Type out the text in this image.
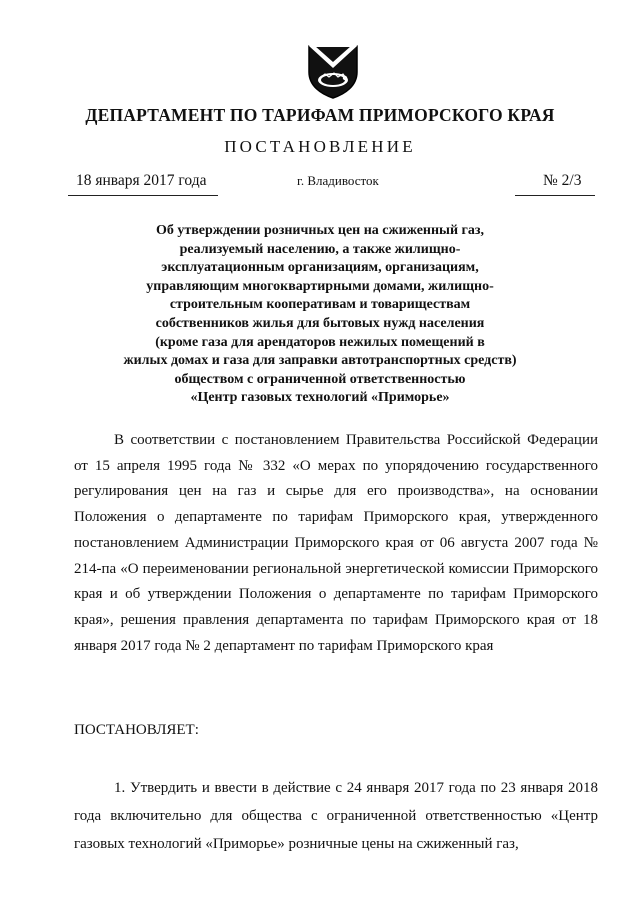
ДЕПАРТАМЕНТ ПО ТАРИФАМ ПРИМОРСКОГО КРАЯ
ПОСТАНОВЛЕНИЕ
18 января 2017 года	г. Владивосток	№ 2/3
Об утверждении розничных цен на сжиженный газ,
реализуемый населению, а также жилищно-
эксплуатационным организациям, организациям,
управляющим многоквартирными домами, жилищно-
строительным кооперативам и товариществам
собственников жилья для бытовых нужд населения
(кроме газа для арендаторов нежилых помещений в
жилых домах и газа для заправки автотранспортных средств)
обществом с ограниченной ответственностью
«Центр газовых технологий «Приморье»
В соответствии с постановлением Правительства Российской Федерации от 15 апреля 1995 года № 332 «О мерах по упорядочению государственного регулирования цен на газ и сырье для его производства», на основании Положения о департаменте по тарифам Приморского края, утвержденного постановлением Администрации Приморского края от 06 августа 2007 года № 214-па «О переименовании региональной энергетической комиссии Приморского края и об утверждении Положения о департаменте по тарифам Приморского края», решения правления департамента по тарифам Приморского края от 18 января 2017 года № 2 департамент по тарифам Приморского края
ПОСТАНОВЛЯЕТ:
1. Утвердить и ввести в действие с 24 января 2017 года по 23 января 2018 года включительно для общества с ограниченной ответственностью «Центр газовых технологий «Приморье» розничные цены на сжиженный газ,
